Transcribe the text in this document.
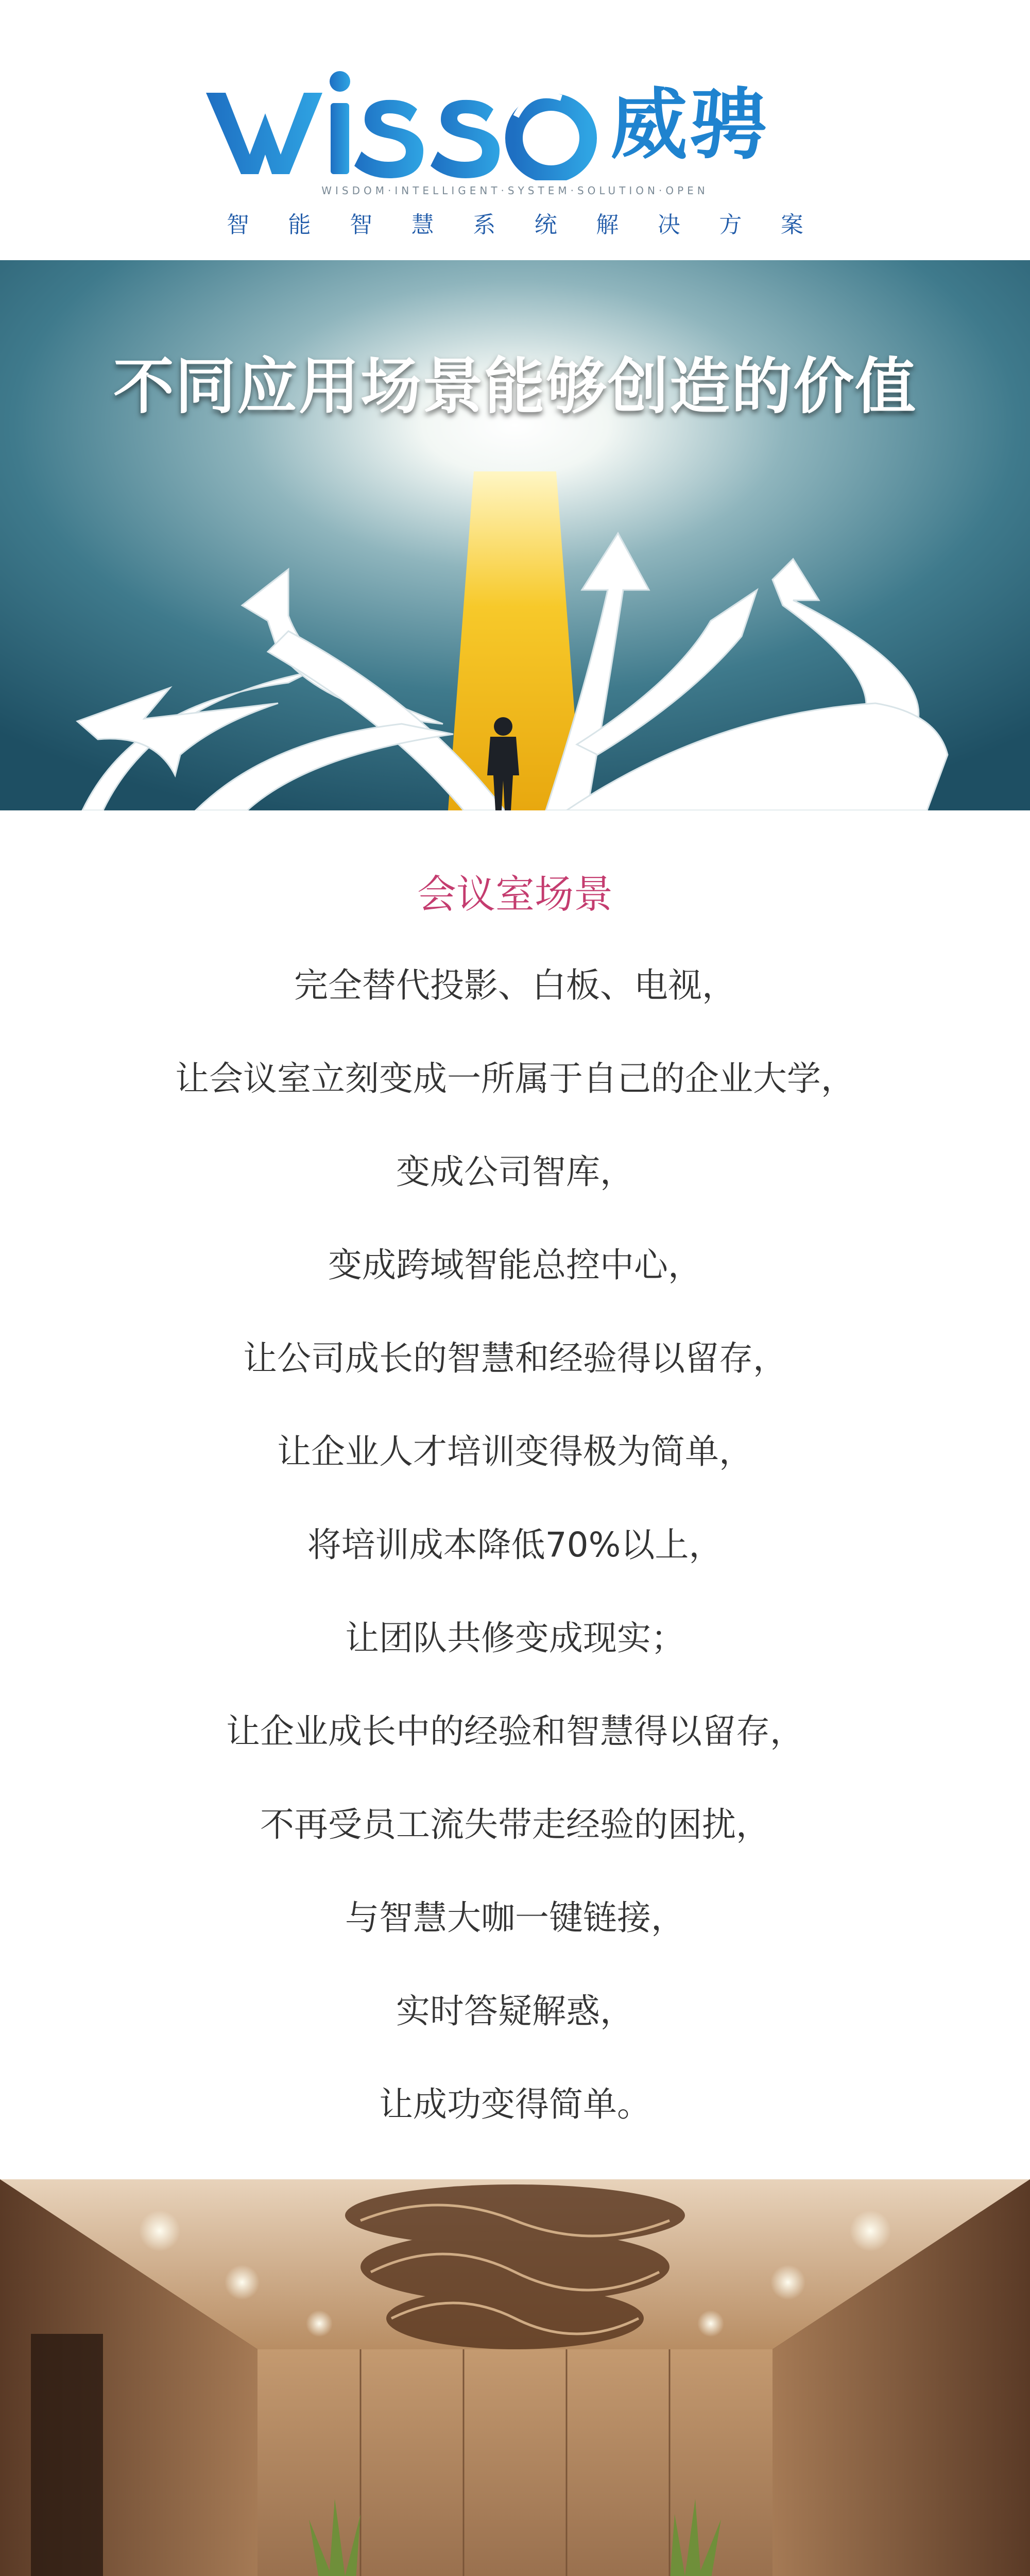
威骋
WISDOM·INTELLIGENT·SYSTEM·SOLUTION·OPEN
智 能 智 慧 系 统 解 决 方 案
不同应用场景能够创造的价值
会议室场景
完全替代投影、白板、电视，
让会议室立刻变成一所属于自己的企业大学，
变成公司智库，
变成跨域智能总控中心，
让公司成长的智慧和经验得以留存，
让企业人才培训变得极为简单，
将培训成本降低70%以上，
让团队共修变成现实；
让企业成长中的经验和智慧得以留存，
不再受员工流失带走经验的困扰，
与智慧大咖一键链接，
实时答疑解惑，
让成功变得简单。
